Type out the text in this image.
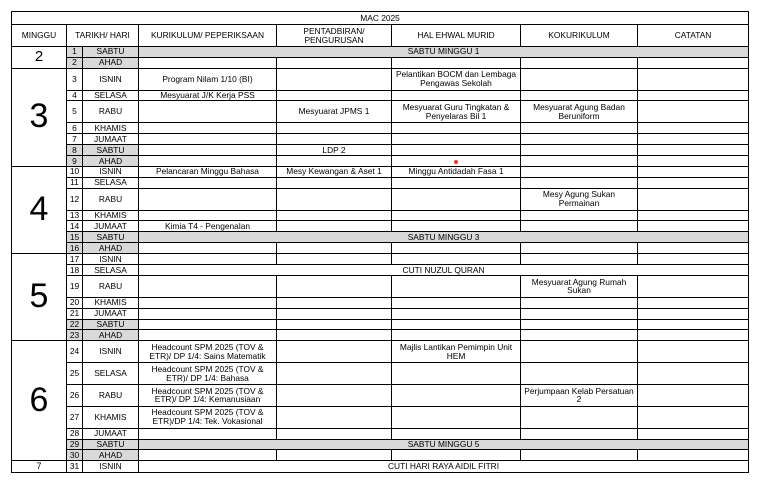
MAC 2025							
MINGGU	TARIKH/ HARI		KURIKULUM/ PEPERIKSAAN	PENTADBIRAN/ PENGURUSAN	HAL EHWAL MURID	KOKURIKULUM	CATATAN
2	1	SABTU	SABTU MINGGU 1				
	2	AHAD					
3	3	ISNIN	Program Nilam 1/10 (BI)		Pelantikan BOCM dan Lembaga Pengawas Sekolah		
	4	SELASA	Mesyuarat J/K Kerja PSS				
	5	RABU		Mesyuarat JPMS 1	Mesyuarat Guru Tingkatan & Penyelaras Bil 1	Mesyuarat Agung Badan Beruniform	
	6	KHAMIS					
	7	JUMAAT					
	8	SABTU		LDP 2			
	9	AHAD					
4	10	ISNIN	Pelancaran Minggu Bahasa	Mesy Kewangan & Aset 1	Minggu Antidadah Fasa 1		
	11	SELASA					
	12	RABU				Mesy Agung Sukan Permainan	
	13	KHAMIS					
	14	JUMAAT	Kimia T4 - Pengenalan				
	15	SABTU	SABTU MINGGU 3				
	16	AHAD					
5	17	ISNIN					
	18	SELASA	CUTI NUZUL QURAN				
	19	RABU				Mesyuarat Agung Rumah Sukan	
	20	KHAMIS					
	21	JUMAAT					
	22	SABTU					
	23	AHAD					
6	24	ISNIN	Headcount SPM 2025 (TOV & ETR)/ DP 1/4: Sains Matematik		Majlis Lantikan Pemimpin Unit HEM		
	25	SELASA	Headcount SPM 2025 (TOV & ETR)/ DP 1/4: Bahasa				
	26	RABU	Headcount SPM 2025 (TOV & ETR)/ DP 1/4: Kemanusiaan			Perjumpaan Kelab Persatuan 2	
	27	KHAMIS	Headcount SPM 2025 (TOV & ETR)/DP 1/4: Tek. Vokasional				
	28	JUMAAT					
	29	SABTU	SABTU MINGGU 5				
	30	AHAD					
7	31	ISNIN	CUTI HARI RAYA AIDIL FITRI				
